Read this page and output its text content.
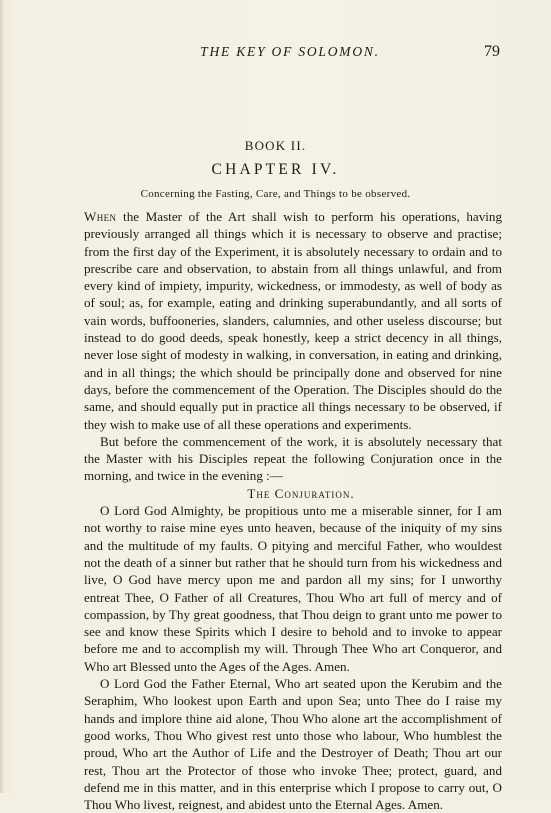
THE KEY OF SOLOMON.	79
BOOK II.
CHAPTER IV.
Concerning the Fasting, Care, and Things to be observed.

When the Master of the Art shall wish to perform his operations, having previously arranged all things which it is necessary to observe and practise; from the first day of the Experiment, it is absolutely necessary to ordain and to prescribe care and observation, to abstain from all things unlawful, and from every kind of impiety, impurity, wickedness, or immodesty, as well of body as of soul; as, for example, eating and drinking superabundantly, and all sorts of vain words, buffooneries, slanders, calumnies, and other useless discourse; but instead to do good deeds, speak honestly, keep a strict decency in all things, never lose sight of modesty in walking, in conversation, in eating and drinking, and in all things; the which should be principally done and observed for nine days, before the commencement of the Operation. The Disciples should do the same, and should equally put in practice all things necessary to be observed, if they wish to make use of all these operations and experiments.

But before the commencement of the work, it is absolutely necessary that the Master with his Disciples repeat the following Conjuration once in the morning, and twice in the evening :—

The Conjuration.

O Lord God Almighty, be propitious unto me a miserable sinner, for I am not worthy to raise mine eyes unto heaven, because of the iniquity of my sins and the multitude of my faults. O pitying and merciful Father, who wouldest not the death of a sinner but rather that he should turn from his wickedness and live, O God have mercy upon me and pardon all my sins; for I unworthy entreat Thee, O Father of all Creatures, Thou Who art full of mercy and of compassion, by Thy great goodness, that Thou deign to grant unto me power to see and know these Spirits which I desire to behold and to invoke to appear before me and to accomplish my will. Through Thee Who art Conqueror, and Who art Blessed unto the Ages of the Ages. Amen.

O Lord God the Father Eternal, Who art seated upon the Kerubim and the Seraphim, Who lookest upon Earth and upon Sea; unto Thee do I raise my hands and implore thine aid alone, Thou Who alone art the accomplishment of good works, Thou Who givest rest unto those who labour, Who humblest the proud, Who art the Author of Life and the Destroyer of Death; Thou art our rest, Thou art the Protector of those who invoke Thee; protect, guard, and defend me in this matter, and in this enterprise which I propose to carry out, O Thou Who livest, reignest, and abidest unto the Eternal Ages. Amen.
